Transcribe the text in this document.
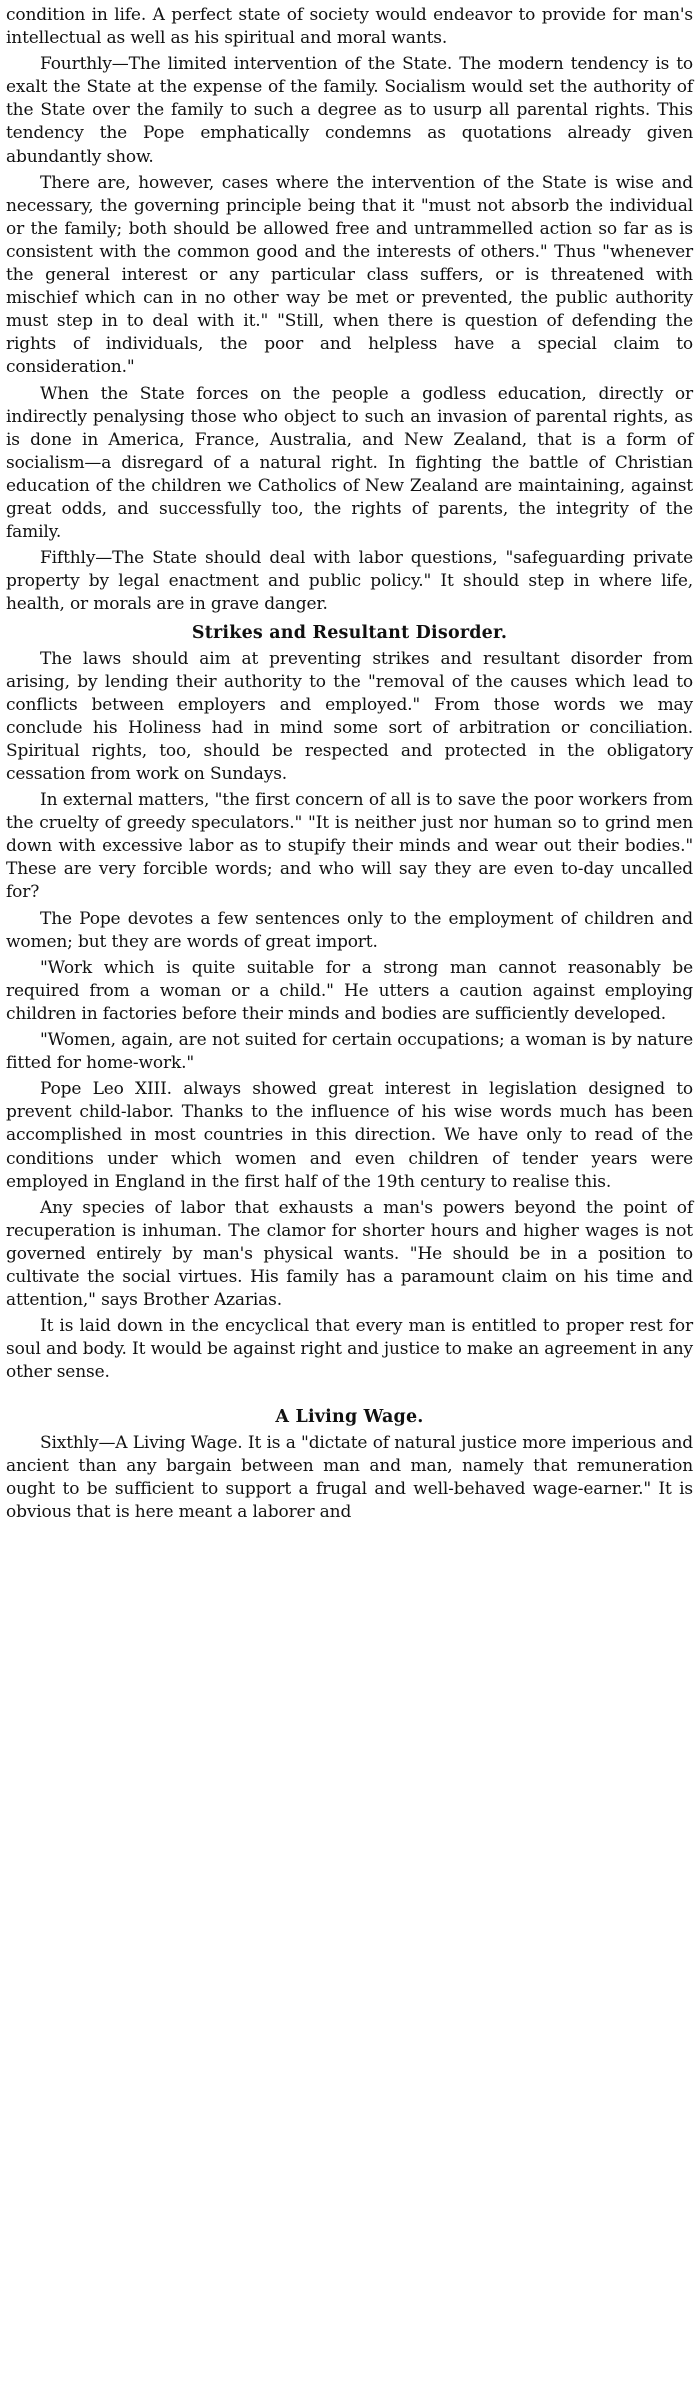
condition in life. A perfect state of society would endeavor to provide for man's intellectual as well as his spiritual and moral wants.

Fourthly—The limited intervention of the State. The modern tendency is to exalt the State at the expense of the family. Socialism would set the authority of the State over the family to such a degree as to usurp all parental rights. This tendency the Pope emphatically condemns as quotations already given abundantly show.

There are, however, cases where the intervention of the State is wise and necessary, the governing principle being that it "must not absorb the individual or the family; both should be allowed free and untrammelled action so far as is consistent with the common good and the interests of others." Thus "whenever the general interest or any particular class suffers, or is threatened with mischief which can in no other way be met or prevented, the public authority must step in to deal with it." "Still, when there is question of defending the rights of individuals, the poor and helpless have a special claim to consideration."

When the State forces on the people a godless education, directly or indirectly penalysing those who object to such an invasion of parental rights, as is done in America, France, Australia, and New Zealand, that is a form of socialism—a disregard of a natural right. In fighting the battle of Christian education of the children we Catholics of New Zealand are maintaining, against great odds, and successfully too, the rights of parents, the integrity of the family.

Fifthly—The State should deal with labor questions, "safeguarding private property by legal enactment and public policy." It should step in where life, health, or morals are in grave danger.

Strikes and Resultant Disorder.

The laws should aim at preventing strikes and resultant disorder from arising, by lending their authority to the "removal of the causes which lead to conflicts between employers and employed." From those words we may conclude his Holiness had in mind some sort of arbitration or conciliation. Spiritual rights, too, should be respected and protected in the obligatory cessation from work on Sundays.

In external matters, "the first concern of all is to save the poor workers from the cruelty of greedy speculators." "It is neither just nor human so to grind men down with excessive labor as to stupify their minds and wear out their bodies." These are very forcible words; and who will say they are even to-day uncalled for?

The Pope devotes a few sentences only to the employment of children and women; but they are words of great import.

"Work which is quite suitable for a strong man cannot reasonably be required from a woman or a child." He utters a caution against employing children in factories before their minds and bodies are sufficiently developed.

"Women, again, are not suited for certain occupations; a woman is by nature fitted for home-work."

Pope Leo XIII. always showed great interest in legislation designed to prevent child-labor. Thanks to the influence of his wise words much has been accomplished in most countries in this direction. We have only to read of the conditions under which women and even children of tender years were employed in England in the first half of the 19th century to realise this.

Any species of labor that exhausts a man's powers beyond the point of recuperation is inhuman. The clamor for shorter hours and higher wages is not governed entirely by man's physical wants. "He should be in a position to cultivate the social virtues. His family has a paramount claim on his time and attention," says Brother Azarias.

It is laid down in the encyclical that every man is entitled to proper rest for soul and body. It would be against right and justice to make an agreement in any other sense.

A Living Wage.

Sixthly—A Living Wage. It is a "dictate of natural justice more imperious and ancient than any bargain between man and man, namely that remuneration ought to be sufficient to support a frugal and well-behaved wage-earner." It is obvious that is here meant a laborer and
